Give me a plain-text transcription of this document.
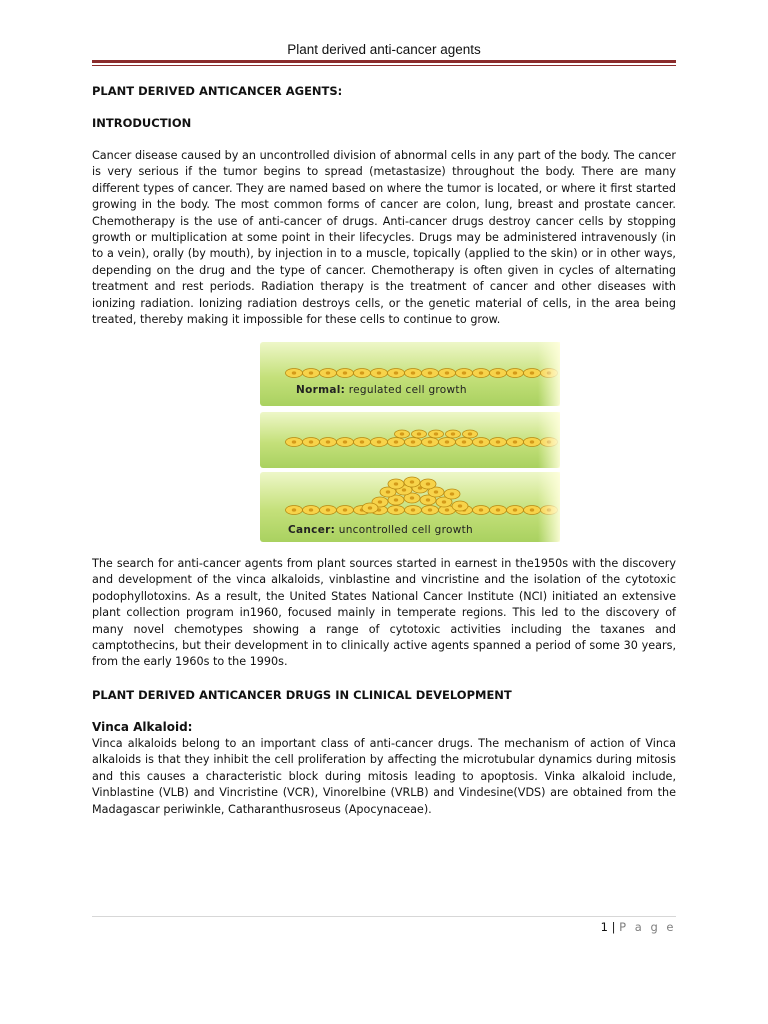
Plant derived anti-cancer agents

PLANT DERIVED ANTICANCER AGENTS:

INTRODUCTION

Cancer disease caused by an uncontrolled division of abnormal cells in any part of the body. The cancer is very serious if the tumor begins to spread (metastasize) throughout the body. There are many different types of cancer. They are named based on where the tumor is located, or where it first started growing in the body. The most common forms of cancer are colon, lung, breast and prostate cancer. Chemotherapy is the use of anti-cancer of drugs. Anti-cancer drugs destroy cancer cells by stopping growth or multiplication at some point in their lifecycles. Drugs may be administered intravenously (in to a vein), orally (by mouth), by injection in to a muscle, topically (applied to the skin) or in other ways, depending on the drug and the type of cancer. Chemotherapy is often given in cycles of alternating treatment and rest periods. Radiation therapy is the treatment of cancer and other diseases with ionizing radiation. Ionizing radiation destroys cells, or the genetic material of cells, in the area being treated, thereby making it impossible for these cells to continue to grow.

Normal: regulated cell growth
Cancer: uncontrolled cell growth

The search for anti-cancer agents from plant sources started in earnest in the1950s with the discovery and development of the vinca alkaloids, vinblastine and vincristine and the isolation of the cytotoxic podophyllotoxins. As a result, the United States National Cancer Institute (NCI) initiated an extensive plant collection program in1960, focused mainly in temperate regions. This led to the discovery of many novel chemotypes showing a range of cytotoxic activities including the taxanes and camptothecins, but their development in to clinically active agents spanned a period of some 30 years, from the early 1960s to the 1990s.

PLANT DERIVED ANTICANCER DRUGS IN CLINICAL DEVELOPMENT

Vinca Alkaloid:

Vinca alkaloids belong to an important class of anti-cancer drugs. The mechanism of action of Vinca alkaloids is that they inhibit the cell proliferation by affecting the microtubular dynamics during mitosis and this causes a characteristic block during mitosis leading to apoptosis. Vinka alkaloid include, Vinblastine (VLB) and Vincristine (VCR), Vinorelbine (VRLB) and Vindesine(VDS) are obtained from the Madagascar periwinkle, Catharanthusroseus (Apocynaceae).

1 | P a g e
